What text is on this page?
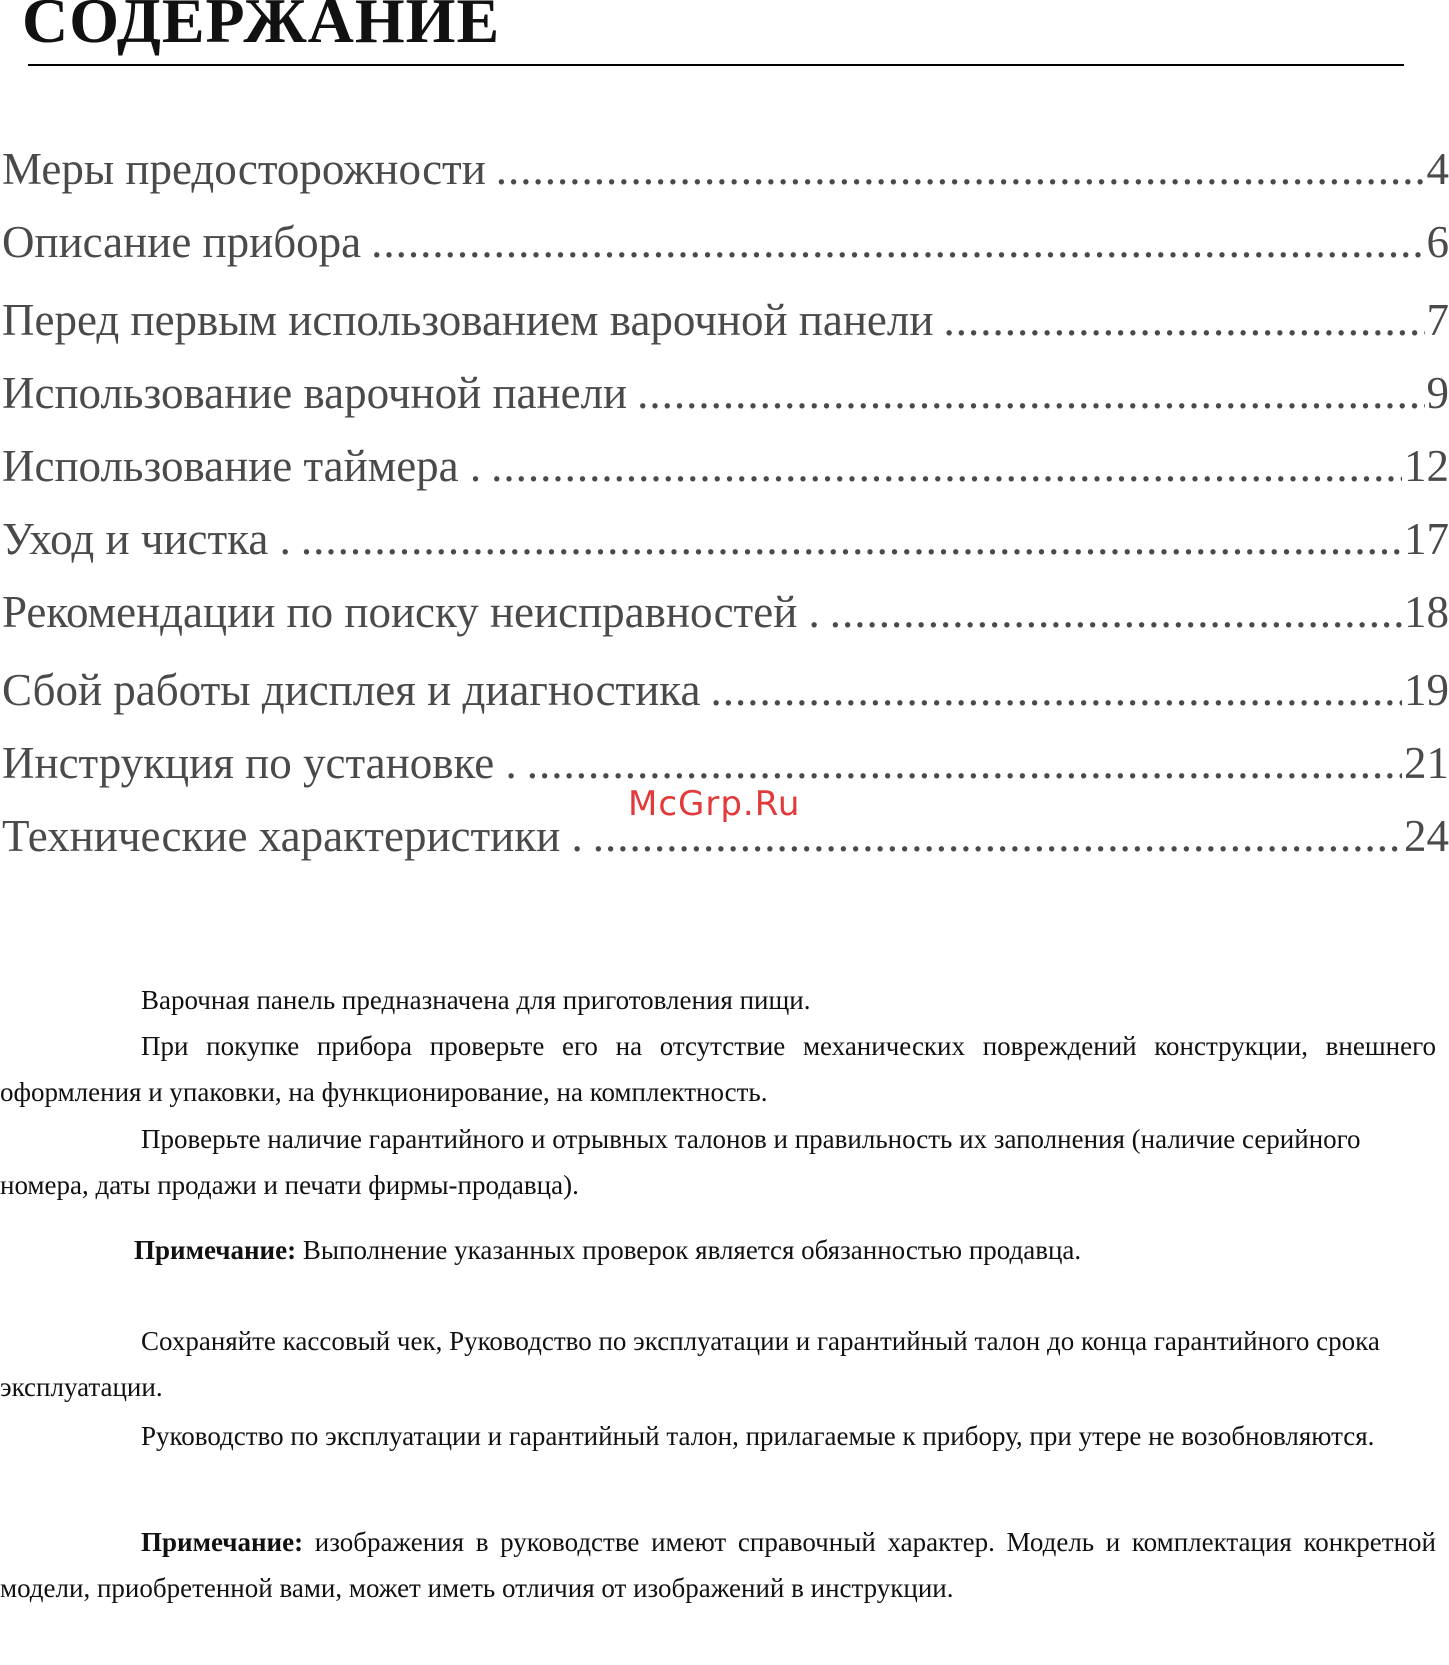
СОДЕРЖАНИЕ
Меры предосторожности .....	4
Описание прибора .....	6
Перед первым использованием варочной панели .....	7
Использование варочной панели .....	9
Использование таймера . .....	12
Уход и чистка . .....	17
Рекомендации по поиску неисправностей . .....	18
Сбой работы дисплея и диагностика .....	19
Инструкция по установке . .....	21
Технические характеристики . .....	24
McGrp.Ru

Варочная панель предназначена для приготовления пищи.

При покупке прибора проверьте его на отсутствие механических повреждений конструкции, внешнего оформления и упаковки, на функционирование, на комплектность.

Проверьте наличие гарантийного и отрывных талонов и правильность их заполнения (наличие серийного номера, даты продажи и печати фирмы-продавца).

Примечание: Выполнение указанных проверок является обязанностью продавца.

Сохраняйте кассовый чек, Руководство по эксплуатации и гарантийный талон до конца гарантийного срока эксплуатации.

Руководство по эксплуатации и гарантийный талон, прилагаемые к прибору, при утере не возобновляются.

Примечание: изображения в руководстве имеют справочный характер. Модель и комплектация конкретной модели, приобретенной вами, может иметь отличия от изображений в инструкции.
